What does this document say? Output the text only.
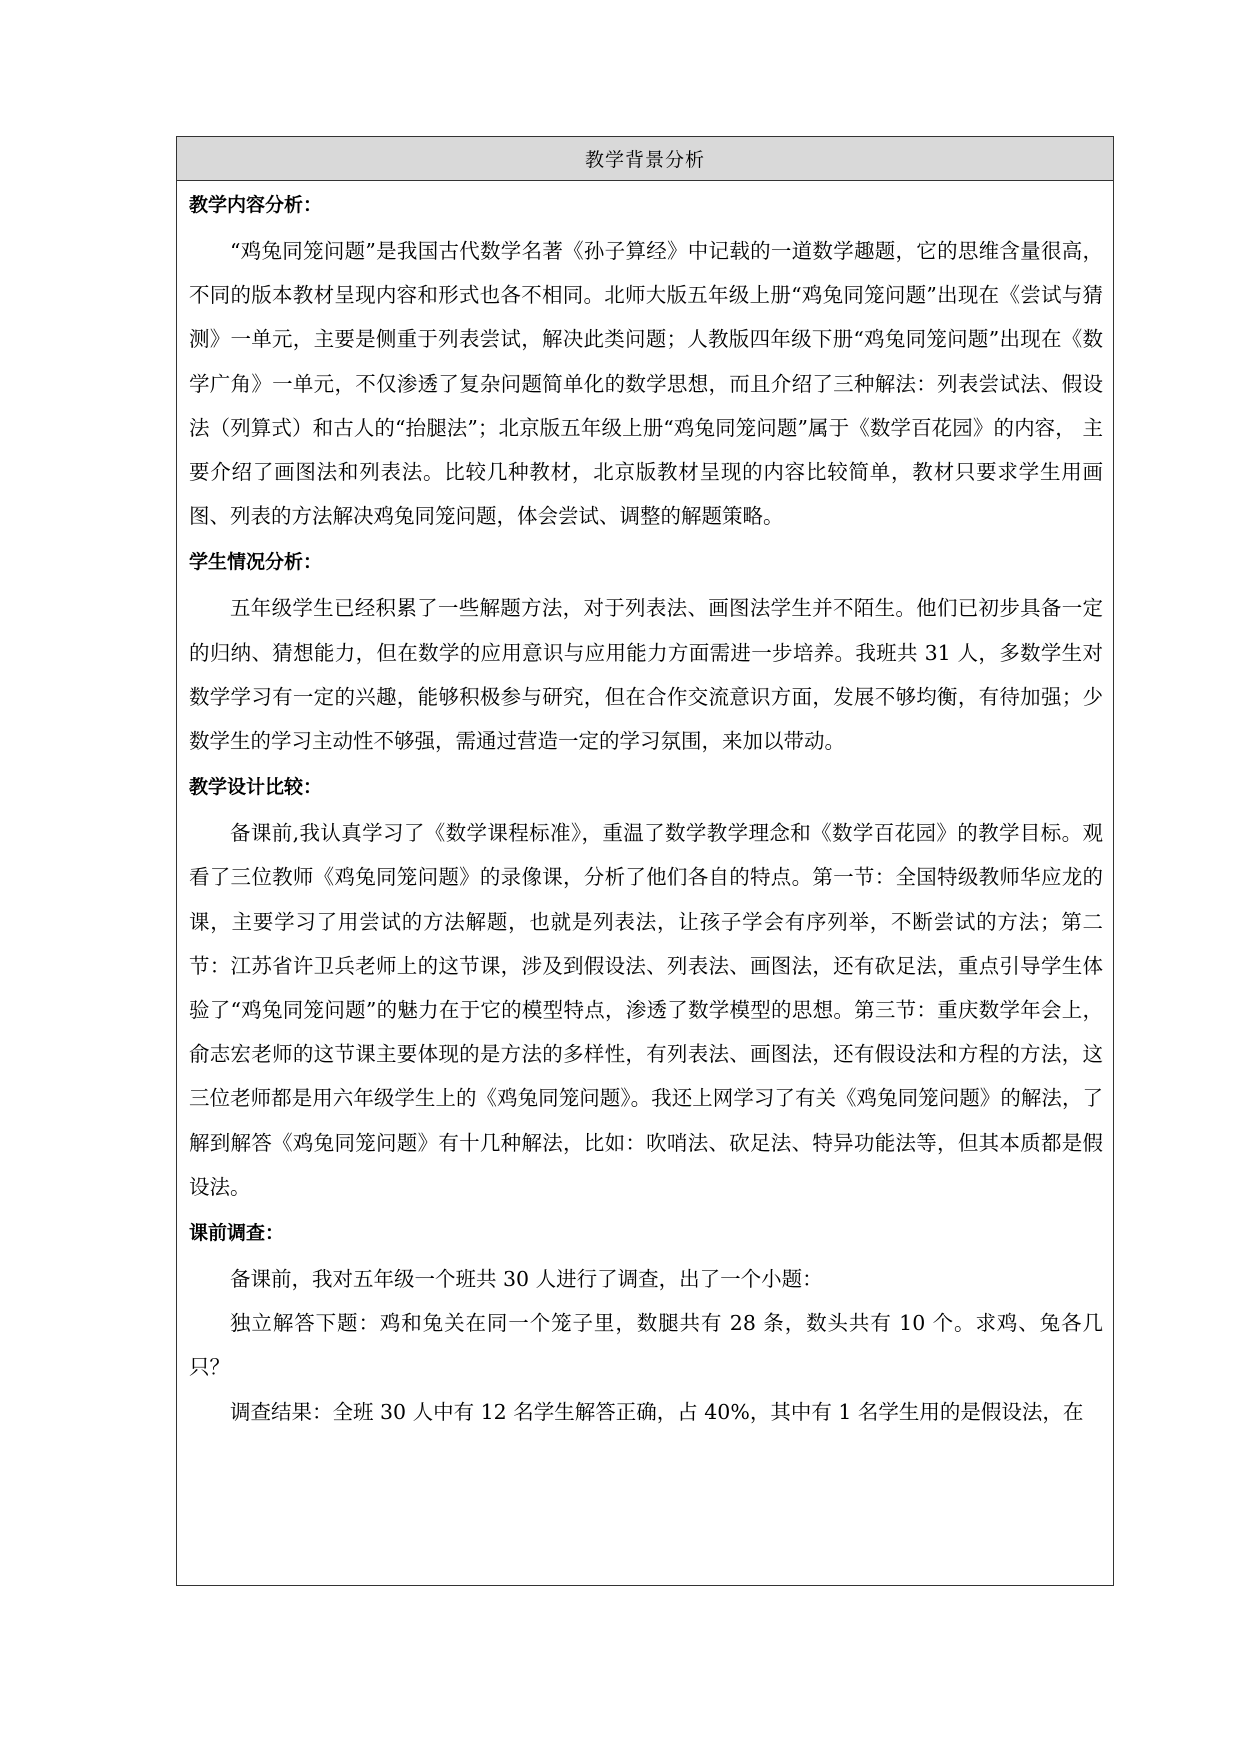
教学背景分析

教学内容分析：

“鸡兔同笼问题”是我国古代数学名著《孙子算经》中记载的一道数学趣题，它的思维含量很高，不同的版本教材呈现内容和形式也各不相同。北师大版五年级上册“鸡兔同笼问题”出现在《尝试与猜测》一单元，主要是侧重于列表尝试，解决此类问题；人教版四年级下册“鸡兔同笼问题”出现在《数学广角》一单元，不仅渗透了复杂问题简单化的数学思想，而且介绍了三种解法：列表尝试法、假设法（列算式）和古人的“抬腿法”；北京版五年级上册“鸡兔同笼问题”属于《数学百花园》的内容， 主要介绍了画图法和列表法。比较几种教材，北京版教材呈现的内容比较简单，教材只要求学生用画图、列表的方法解决鸡兔同笼问题，体会尝试、调整的解题策略。

学生情况分析：

五年级学生已经积累了一些解题方法，对于列表法、画图法学生并不陌生。他们已初步具备一定的归纳、猜想能力，但在数学的应用意识与应用能力方面需进一步培养。我班共 31 人，多数学生对数学学习有一定的兴趣，能够积极参与研究，但在合作交流意识方面，发展不够均衡，有待加强；少数学生的学习主动性不够强，需通过营造一定的学习氛围，来加以带动。

教学设计比较：

备课前,我认真学习了《数学课程标准》，重温了数学教学理念和《数学百花园》的教学目标。观看了三位教师《鸡兔同笼问题》的录像课，分析了他们各自的特点。第一节：全国特级教师华应龙的课，主要学习了用尝试的方法解题，也就是列表法，让孩子学会有序列举，不断尝试的方法；第二节：江苏省许卫兵老师上的这节课，涉及到假设法、列表法、画图法，还有砍足法，重点引导学生体验了“鸡兔同笼问题”的魅力在于它的模型特点，渗透了数学模型的思想。第三节：重庆数学年会上，俞志宏老师的这节课主要体现的是方法的多样性，有列表法、画图法，还有假设法和方程的方法，这三位老师都是用六年级学生上的《鸡兔同笼问题》。我还上网学习了有关《鸡兔同笼问题》的解法，了解到解答《鸡兔同笼问题》有十几种解法，比如：吹哨法、砍足法、特异功能法等，但其本质都是假设法。

课前调查：

备课前，我对五年级一个班共 30 人进行了调查，出了一个小题：

独立解答下题：鸡和兔关在同一个笼子里，数腿共有 28 条，数头共有 10 个。求鸡、兔各几只？

调查结果：全班 30 人中有 12 名学生解答正确，占 40%，其中有 1 名学生用的是假设法，在
